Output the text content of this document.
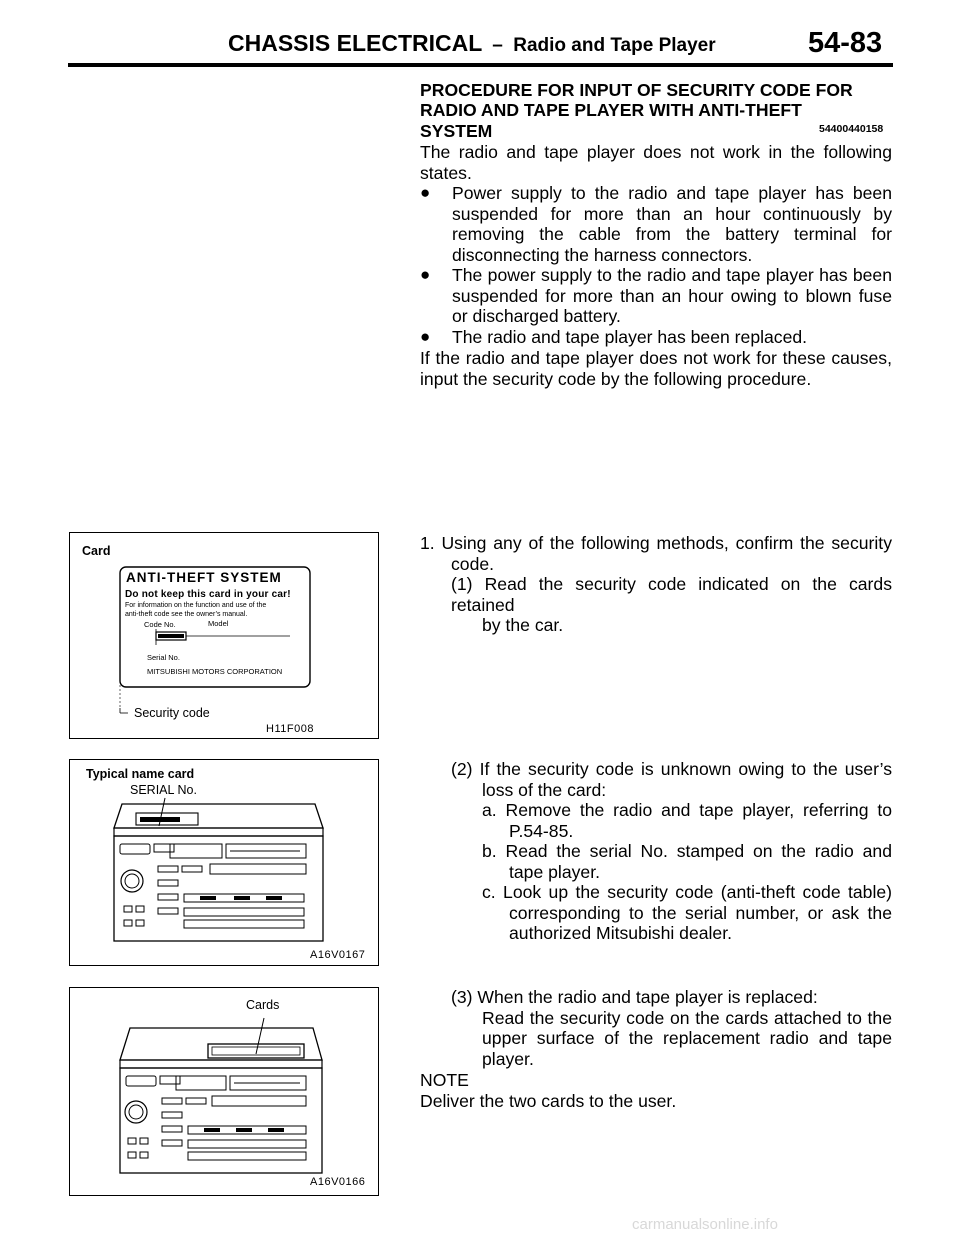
CHASSIS ELECTRICAL – Radio and Tape Player	54-83
PROCEDURE FOR INPUT OF SECURITY CODE FOR
RADIO AND TAPE PLAYER WITH ANTI-THEFT
SYSTEM	54400440158
The radio and tape player does not work in the following
states.
● Power supply to the radio and tape player has been
suspended for more than an hour continuously by
removing the cable from the battery terminal for
disconnecting the harness connectors.
● The power supply to the radio and tape player has been
suspended for more than an hour owing to blown fuse
or discharged battery.
● The radio and tape player has been replaced.
If the radio and tape player does not work for these causes,
input the security code by the following procedure.
1. Using any of the following methods, confirm the security
code.
(1) Read the security code indicated on the cards retained
by the car.
(2) If the security code is unknown owing to the user’s
loss of the card:
a. Remove the radio and tape player, referring to
P.54-85.
b. Read the serial No. stamped on the radio and
tape player.
c. Look up the security code (anti-theft code table)
corresponding to the serial number, or ask the
authorized Mitsubishi dealer.
(3) When the radio and tape player is replaced:
Read the security code on the cards attached to the
upper surface of the replacement radio and tape
player.
NOTE
Deliver the two cards to the user.
Card
ANTI-THEFT SYSTEM
Do not keep this card in your car!
For information on the function and use of the
anti-theft code see the owner’s manual.
Code No.	Model
Serial No.
MITSUBISHI MOTORS CORPORATION
Security code
H11F008
Typical name card
SERIAL No.
A16V0167
Cards
A16V0166
carmanualsonline.info
